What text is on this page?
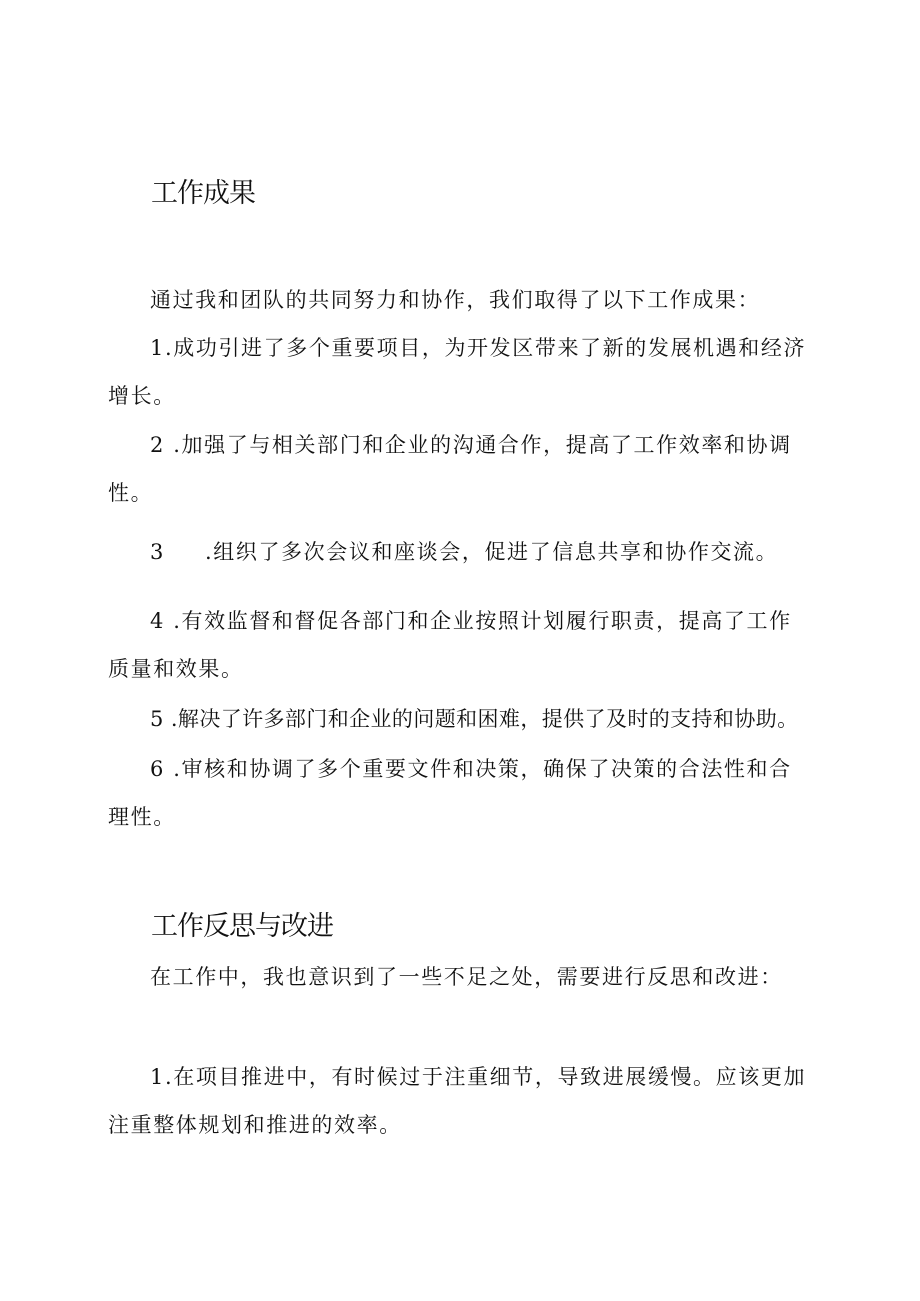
工作成果

通过我和团队的共同努力和协作，我们取得了以下工作成果：

1.成功引进了多个重要项目，为开发区带来了新的发展机遇和经济

增长。

2 .加强了与相关部门和企业的沟通合作，提高了工作效率和协调

性。

3 .组织了多次会议和座谈会，促进了信息共享和协作交流。

4 .有效监督和督促各部门和企业按照计划履行职责，提高了工作

质量和效果。

5 .解决了许多部门和企业的问题和困难，提供了及时的支持和协助。

6 .审核和协调了多个重要文件和决策，确保了决策的合法性和合

理性。

工作反思与改进

在工作中，我也意识到了一些不足之处，需要进行反思和改进：

1.在项目推进中，有时候过于注重细节，导致进展缓慢。应该更加

注重整体规划和推进的效率。
